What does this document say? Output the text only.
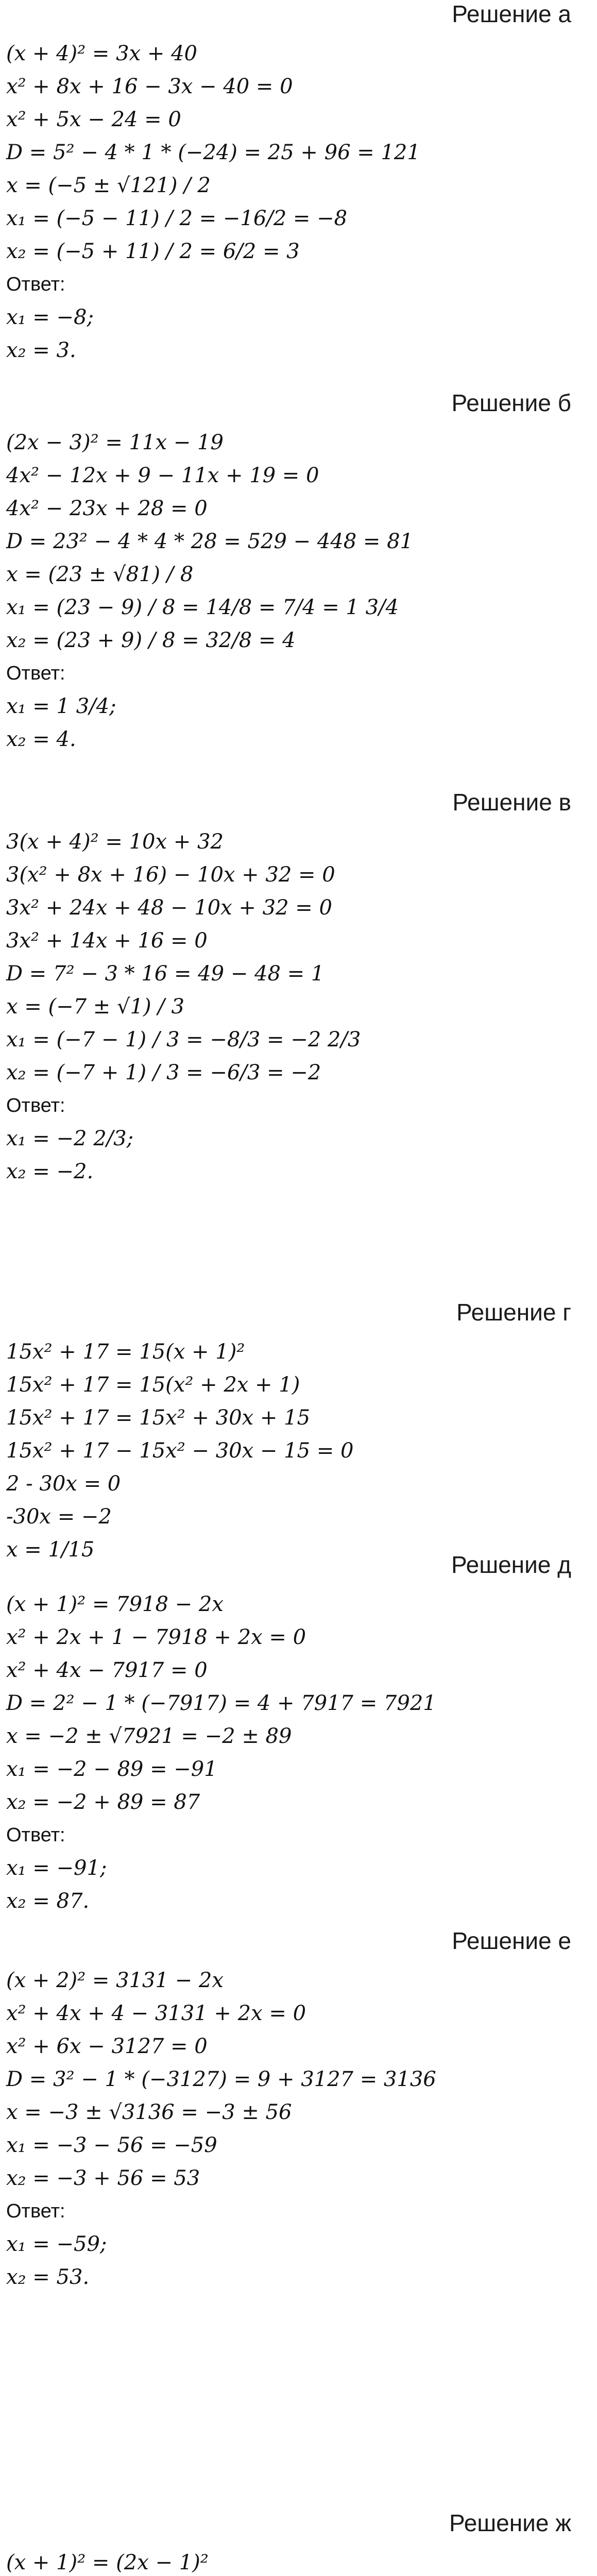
Решение а
(x + 4)² = 3x + 40
x² + 8x + 16 − 3x − 40 = 0
x² + 5x − 24 = 0
D = 5² − 4 * 1 * (−24) = 25 + 96 = 121
x = (−5 ± √121) / 2
x₁ = (−5 − 11) / 2 = −16/2 = −8
x₂ = (−5 + 11) / 2 = 6/2 = 3
Ответ:
x₁ = −8;
x₂ = 3.
Решение б
(2x − 3)² = 11x − 19
4x² − 12x + 9 − 11x + 19 = 0
4x² − 23x + 28 = 0
D = 23² − 4 * 4 * 28 = 529 − 448 = 81
x = (23 ± √81) / 8
x₁ = (23 − 9) / 8 = 14/8 = 7/4 = 1 3/4
x₂ = (23 + 9) / 8 = 32/8 = 4
Ответ:
x₁ = 1 3/4;
x₂ = 4.
Решение в
3(x + 4)² = 10x + 32
3(x² + 8x + 16) − 10x + 32 = 0
3x² + 24x + 48 − 10x + 32 = 0
3x² + 14x + 16 = 0
D = 7² − 3 * 16 = 49 − 48 = 1
x = (−7 ± √1) / 3
x₁ = (−7 − 1) / 3 = −8/3 = −2 2/3
x₂ = (−7 + 1) / 3 = −6/3 = −2
Ответ:
x₁ = −2 2/3;
x₂ = −2.
Решение г
15x² + 17 = 15(x + 1)²
15x² + 17 = 15(x² + 2x + 1)
15x² + 17 = 15x² + 30x + 15
15x² + 17 − 15x² − 30x − 15 = 0
2 - 30x = 0
-30x = −2
x = 1/15
Решение д
(x + 1)² = 7918 − 2x
x² + 2x + 1 − 7918 + 2x = 0
x² + 4x − 7917 = 0
D = 2² − 1 * (−7917) = 4 + 7917 = 7921
x = −2 ± √7921 = −2 ± 89
x₁ = −2 − 89 = −91
x₂ = −2 + 89 = 87
Ответ:
x₁ = −91;
x₂ = 87.
Решение е
(x + 2)² = 3131 − 2x
x² + 4x + 4 − 3131 + 2x = 0
x² + 6x − 3127 = 0
D = 3² − 1 * (−3127) = 9 + 3127 = 3136
x = −3 ± √3136 = −3 ± 56
x₁ = −3 − 56 = −59
x₂ = −3 + 56 = 53
Ответ:
x₁ = −59;
x₂ = 53.
Решение ж
(x + 1)² = (2x − 1)²
